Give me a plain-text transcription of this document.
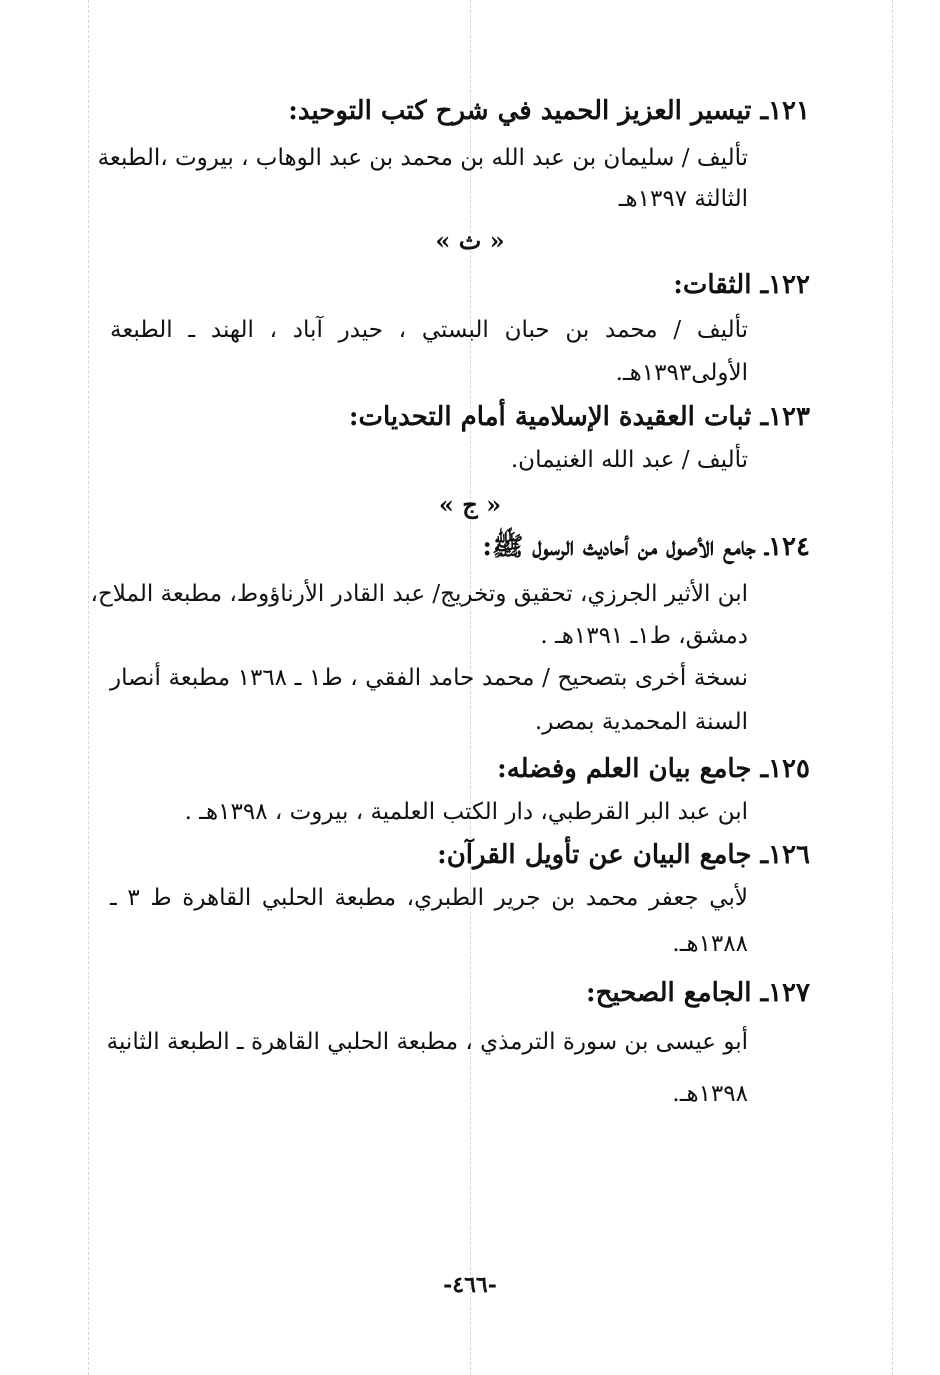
١٢١ـ تيسير العزيز الحميد في شرح كتب التوحيد:
تأليف / سليمان بن عبد الله بن محمد بن عبد الوهاب ، بيروت ،الطبعة
الثالثة ١٣٩٧هـ
« ث »
١٢٢ـ الثقات:
تأليف / محمد بن حبان البستي ، حيدر آباد ، الهند ـ الطبعة
الأولى١٣٩٣هـ.
١٢٣ـ ثبات العقيدة الإسلامية أمام التحديات:
تأليف / عبد الله الغنيمان.
« ج »
١٢٤ـ جامع الأصول من أحاديث الرسول ﷺ:
ابن الأثير الجرزي، تحقيق وتخريج/ عبد القادر الأرناؤوط، مطبعة الملاح،
دمشق، ط١ـ ١٣٩١هـ .
نسخة أخرى بتصحيح / محمد حامد الفقي ، ط١ ـ ١٣٦٨ مطبعة أنصار
السنة المحمدية بمصر.
١٢٥ـ جامع بيان العلم وفضله:
ابن عبد البر القرطبي، دار الكتب العلمية ، بيروت ، ١٣٩٨هـ .
١٢٦ـ جامع البيان عن تأويل القرآن:
لأبي جعفر محمد بن جرير الطبري، مطبعة الحلبي القاهرة ط ٣ ـ
١٣٨٨هـ.
١٢٧ـ الجامع الصحيح:
أبو عيسى بن سورة الترمذي ، مطبعة الحلبي القاهرة ـ الطبعة الثانية
١٣٩٨هـ.
-٤٦٦-
